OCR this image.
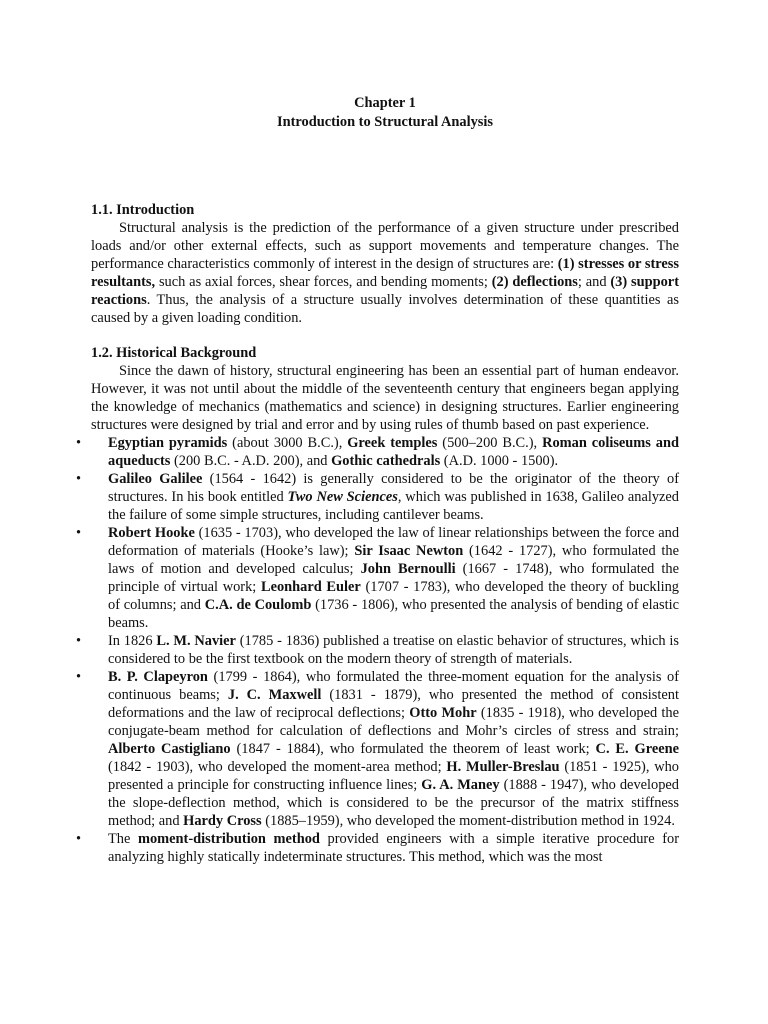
Chapter 1
Introduction to Structural Analysis
1.1. Introduction

Structural analysis is the prediction of the performance of a given structure under prescribed loads and/or other external effects, such as support movements and temperature changes. The performance characteristics commonly of interest in the design of structures are: (1) stresses or stress resultants, such as axial forces, shear forces, and bending moments; (2) deflections; and (3) support reactions. Thus, the analysis of a structure usually involves determination of these quantities as caused by a given loading condition.

1.2. Historical Background

Since the dawn of history, structural engineering has been an essential part of human endeavor. However, it was not until about the middle of the seventeenth century that engineers began applying the knowledge of mechanics (mathematics and science) in designing structures. Earlier engineering structures were designed by trial and error and by using rules of thumb based on past experience.

• Egyptian pyramids (about 3000 B.C.), Greek temples (500–200 B.C.), Roman coliseums and aqueducts (200 B.C. - A.D. 200), and Gothic cathedrals (A.D. 1000 - 1500).
• Galileo Galilee (1564 - 1642) is generally considered to be the originator of the theory of structures. In his book entitled Two New Sciences, which was published in 1638, Galileo analyzed the failure of some simple structures, including cantilever beams.
• Robert Hooke (1635 - 1703), who developed the law of linear relationships between the force and deformation of materials (Hooke’s law); Sir Isaac Newton (1642 - 1727), who formulated the laws of motion and developed calculus; John Bernoulli (1667 - 1748), who formulated the principle of virtual work; Leonhard Euler (1707 - 1783), who developed the theory of buckling of columns; and C.A. de Coulomb (1736 - 1806), who presented the analysis of bending of elastic beams.
• In 1826 L. M. Navier (1785 - 1836) published a treatise on elastic behavior of structures, which is considered to be the first textbook on the modern theory of strength of materials.
• B. P. Clapeyron (1799 - 1864), who formulated the three-moment equation for the analysis of continuous beams; J. C. Maxwell (1831 - 1879), who presented the method of consistent deformations and the law of reciprocal deflections; Otto Mohr (1835 - 1918), who developed the conjugate-beam method for calculation of deflections and Mohr’s circles of stress and strain; Alberto Castigliano (1847 - 1884), who formulated the theorem of least work; C. E. Greene (1842 - 1903), who developed the moment-area method; H. Muller-Breslau (1851 - 1925), who presented a principle for constructing influence lines; G. A. Maney (1888 - 1947), who developed the slope-deflection method, which is considered to be the precursor of the matrix stiffness method; and Hardy Cross (1885–1959), who developed the moment-distribution method in 1924.
• The moment-distribution method provided engineers with a simple iterative procedure for analyzing highly statically indeterminate structures. This method, which was the most
